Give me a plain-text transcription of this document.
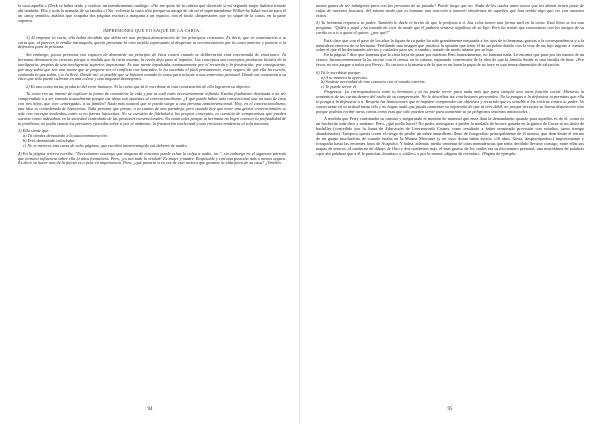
la casa aquella.» (Dick se había reído y cerdoso un membrimiento análogo: «No me quito de la cabeza qué divertido sí mi segunda mujer hubiera tratado ahí también. Ella y toda la manada de su familia.») No, volvería la carta sólo porque su amigo de cárcel el superintendente Willoe-by había escrito para él un «muy sentido» análisis que ocupaba dos páginas escritas a máquina a un espacio, con el título «Impresiones que yo saqué de la carta» en la parte superior.

IMPRESIONES QUE YO SAQUÉ DE LA CARTA:

1) Al empezar la carta, ella había decidido que debía ser una profusa demostración de los principios cristianos. Es decir, que en contestación a tu carta que, al parecer, le rendía intranquila, quería presentar la otra mejilla expresando al despertar tu reconocimiento por la carta anterior y ponerte a la defensiva para la próxima.

Sin embargo, pocas personas son capaces de demostrar un principio de ética contra cuando se deliberación está envenenada de emociones. Tu hermana demuestra en ciencias porque a medida que la carta avanza, la razón deja paso al impulso. Los conceptos son conceptos productos lúcidos de la inteligencia, propios de una inteligencia superior, importante. Es una mente impulsada continuamente por el recuerdo y la frustración; por consiguiente, por muy sabio que sea una mente que se propone ver el conflicto con honradez, le ha sucedido el fatal pensamiento, estoy seguro, de que ella ha escrito, contando lo que sabía, y te la llevé. Dónde así, es posible que se hubiera tomado la carta para aclarar a una entrevista personal. Donde así consistían a su ético que sólo puede calentar en una colera y una angustia desmayores.

2) Es una carta torna, producto del error humano. Ni la carta que tú le escribiste ni esta contestación de ella lograron su objetivo.

Tu carta era un intento de explicar tu forma de considerar la vida y por tu cuál estés necesariamente influida. Estaba finalmente destinada a no ser comprendida o a ser tomada textualmente porque tus ideas son opuestas al convencionalismo. ¿Y qué puede haber más convencional que un ama de casa con tres hijos, que vive «entregada» a su familia? Nada más natural que te pueda surgir a una persona antiocnvencional. Hoy, en el convencionalismo, una idea es considerada de hipocresía. Toda persona que piense, a tu cuanto de una paradoja, pero cuando hoy que tener una gentes convencionales se sale con vocespo tendenbas como si no fueran hipócritas. No se cuestión de fidelidad a los propios conceptos, es cuestión de compromisos que pueden sacarse como individuos en la sociedad controlada de las presiones convencionales. No están tales porque tu hermana no logró conocer la profundidad de tu problema, no podía sinusit los presiones ejercidas sobre ti por el ambiente, la frustración intelectual y una creciente tendencia al solicitaciente.

3) Ella siente que:

a) Tú tiendes demasiado a la autoconmiseración.

b) Eres demasiado calculador.

c) No te mereces una carta de ocho páginas, que escribió ininterrumpido sus deberes de madre.

4) En la página tercera escribe: "Necesitamos sostengo que ninguno de nosotros puede echar la culpa a nadie, etc.", sin embargo en el siguiente párrafo que terminó influencia sobre ella lo años formativos. Pero, ¿es tan toda la verdad? Es mujer y madre. Respetable y con una posición más o menos segura. Es decir su hacer una de la fuerza es o pose en importancia. Pero, ¿qué pasaría si en vez de esto tuviera que ganarse la vida fuera de su casa? ¿Tendría

94

tantas ganas de ser indulgente para con las personas de su pasado? Puede luego que no. Nada de los cuales antes acuso que los demás tienen parte de culpa de nuestros fracasos, del mismo modo que es humano una reacción a tomarlo obvidemos de aquellas que han tenido algo que ver con nuestros éxitos.

5) Tu hermana respeta a tu padre. También le duele el hecho de que le profesas a ti. Sus celos tienen una forma sutil en la carta. Está llena se los una pregunta. "Quién a papá y ha tomado de vivir de modo que él pudiera sentirse orgulloso de su hijo. Pero ha tenido que contentarse con los ámigos de su cariño es a ti a quien él quiere, ¿por qué?"

Está claro que con el paso de los años la figura de tu padre ha sido grandemente mejorada a los ojos de tu hermana, gracias a la correspondencia y a la naturaleza emotiva de tu hermana. Perfilando una imagen que justifica la opinión que tiene él de un pobre diablo con la cruz de un hijo ingrato a cuestas sobre el que él ha derramado afectos y cuidados para ser, a cambio, tratado de modo infame por su hijo.

En la página 7 dice que lamenta que la carta haya de pasar por nuestras Pero honradamente, no lamenta nada. Le encanta que pase por las manos de un censor. Inconscientemente la ha escrito con el censor en la cabeza, esperando conversarle de la idea de que la familia Smith es una familia de bien: «Por favor, no nos juzgue a todos por Perry». Es curioso a la muestra de lo que es un buen la pupa de su torre es una tierna dimensión de salvación.

6) Tú le escribiste porque:

a) A tu manera la aprecias.

b) Sentiste necesidad de este contacto con el mundo exterior.

c) Te puede servir él.

Progresos: La correspondencia entre tu hermana y tú no puede servir para nada más que para cumplir una mera función social. Mientras la semántica de tus cartas dentro del radio de su comprensión. No le describas tus conclusiones personales. No la pongas a la defensiva ni permitas que ella te ponga a la defensiva a ti. Respeta las limitaciones que le impiden comprender tus objetivos y recuerda que es sensible a las críticas contra tu padre. Yo consecuente en tu actitud hasta ella y no hagas nada que pueda aumentar su impresión de que tú eres débil, no porque necesites su buena disposición sino porque podrías recibir otras cartas como ésta que sólo pueden servir para aumentar tu ya peligrosos instintos antisociales.

A medida que Perry continuaba su camino y asegurando el montón de material que enea iban la demandando quando para aquellos es de él, como es un buchecito más divo y nadrano. Pero, ¿qué podía hacer? No podía arriesgarse a perder la medalla de bronce ganada en la guerra de Corea ni un título de bachiller (concedido por la Junta de Educación de Leavenworth County como resultado a haber terminado provisión con estudios, tanto tiempo abandonados). Tampoco quería correr el riesgo de perder un sobre amarillento lleno de fotografías: principalmente de él mismo, que iban desde el retrato de un guapo muchachito de cuando estaba en la Marina Mercante (y en cuyo doma había escrito «16 años, llovía, desprecupados») impresionante y fotografía hasta las recientes fotos de Acapulco. Y había, además, medio centenar de otras menudencias que tenía decidido llevarse consigo, entre ellas sus mapas de tesoros, el cuaderno de dibujo de Otto y dos cuadernos más, el más grueso de los cuales era su diccionario personal, una miscelánea de palabras «que ahí palabras que a él le parecían «bonitas» o «útiles» o por lo menos «dignas de recordar». (Página de ejemplo:

95
